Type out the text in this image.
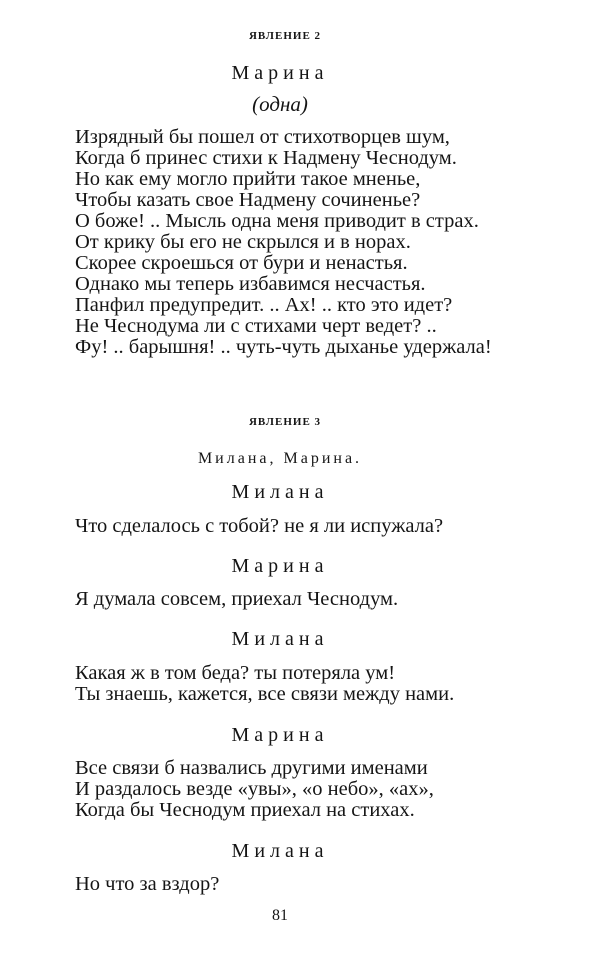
ЯВЛЕНИЕ 2
Марина
(одна)
Изрядный бы пошел от стихотворцев шум,
Когда б принес стихи к Надмену Чеснодум.
Но как ему могло прийти такое мненье,
Чтобы казать свое Надмену сочиненье?
О боже! .. Мысль одна меня приводит в страх.
От крику бы его не скрылся и в норах.
Скорее скроешься от бури и ненастья.
Однако мы теперь избавимся несчастья.
Панфил предупредит. .. Ах! .. кто это идет?
Не Чеснодума ли с стихами черт ведет? ..
Фу! .. барышня! .. чуть-чуть дыханье удержала!
ЯВЛЕНИЕ 3
Милана, Марина.
Милана
Что сделалось с тобой? не я ли испужала?
Марина
Я думала совсем, приехал Чеснодум.
Милана
Какая ж в том беда? ты потеряла ум!
Ты знаешь, кажется, все связи между нами.
Марина
Все связи б назвались другими именами
И раздалось везде «увы», «о небо», «ах»,
Когда бы Чеснодум приехал на стихах.
Милана
Но что за вздор?
81
